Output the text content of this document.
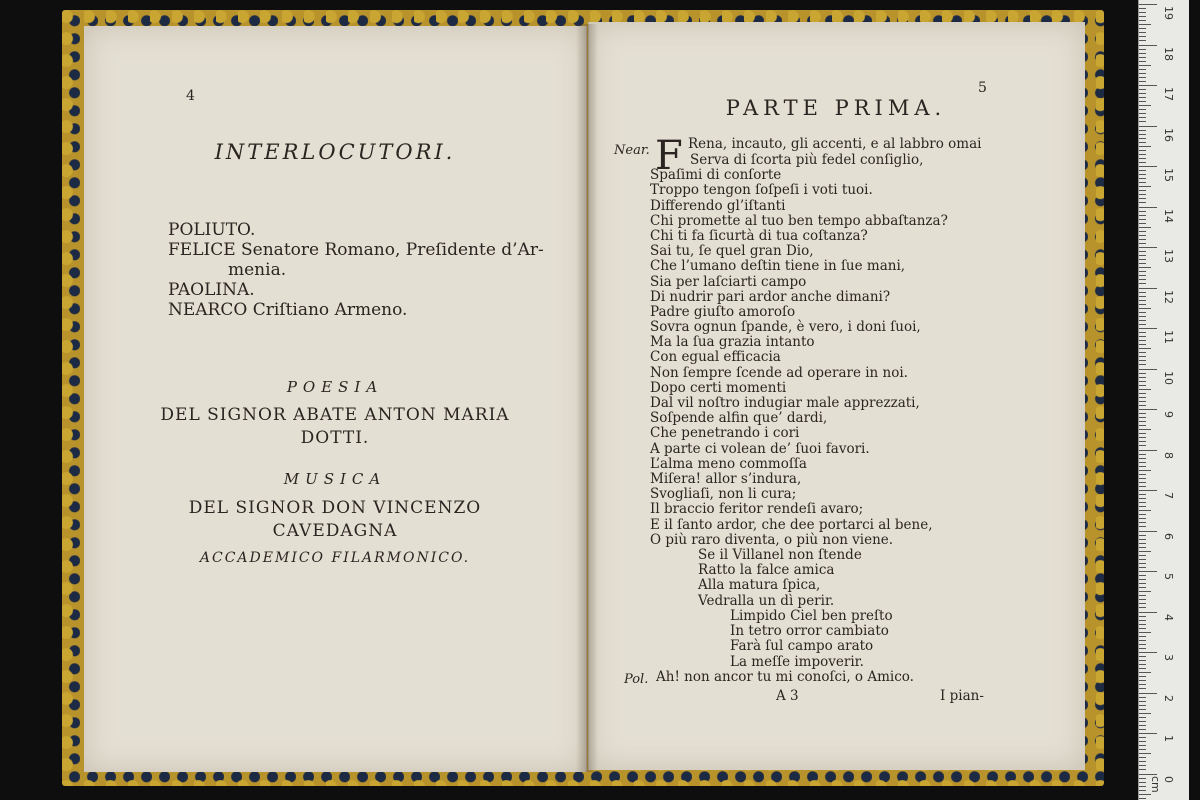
4
INTERLOCUTORI.
POLIUTO.
FELICE Senatore Romano, Preſidente d’Ar-
menia.
PAOLINA.
NEARCO Criſtiano Armeno.
POESIA
DEL SIGNOR ABATE ANTON MARIA
DOTTI.
MUSICA
DEL SIGNOR DON VINCENZO
CAVEDAGNA
ACCADEMICO FILARMONICO.
5
PARTE PRIMA.
Near. F Rena, incauto, gli accenti, e al labbro omai
Serva di ſcorta più fedel conſiglio,
Spaſimi di conſorte
Troppo tengon ſoſpeſi i voti tuoi.
Differendo gl’iſtanti
Chi promette al tuo ben tempo abbaſtanza?
Chi ti fa ſicurtà di tua coſtanza?
Sai tu, ſe quel gran Dio,
Che l’umano deſtin tiene in ſue mani,
Sia per laſciarti campo
Di nudrir pari ardor anche dimani?
Padre giuſto amoroſo
Sovra ognun ſpande, è vero, i doni ſuoi,
Ma la ſua grazia intanto
Con egual efficacia
Non ſempre ſcende ad operare in noi.
Dopo certi momenti
Dal vil noſtro indugiar male apprezzati,
Soſpende alfin que’ dardi,
Che penetrando i cori
A parte ci volean de’ ſuoi favori.
L’alma meno commoſſa
Miſera! allor s’indura,
Svogliaſi, non li cura;
Il braccio feritor rendeſi avaro;
E il ſanto ardor, che dee portarci al bene,
O più raro diventa, o più non viene.
Se il Villanel non ſtende
Ratto la falce amica
Alla matura ſpica,
Vedralla un dì perir.
Limpido Ciel ben preſto
In tetro orror cambiato
Farà ſul campo arato
La meſſe impoverir.
Pol. Ah! non ancor tu mi conoſci, o Amico.
A 3	I pian-
19
18
17
16
15
14
13
12
11
10
9
8
7
6
5
4
3
2
1
0 cm
